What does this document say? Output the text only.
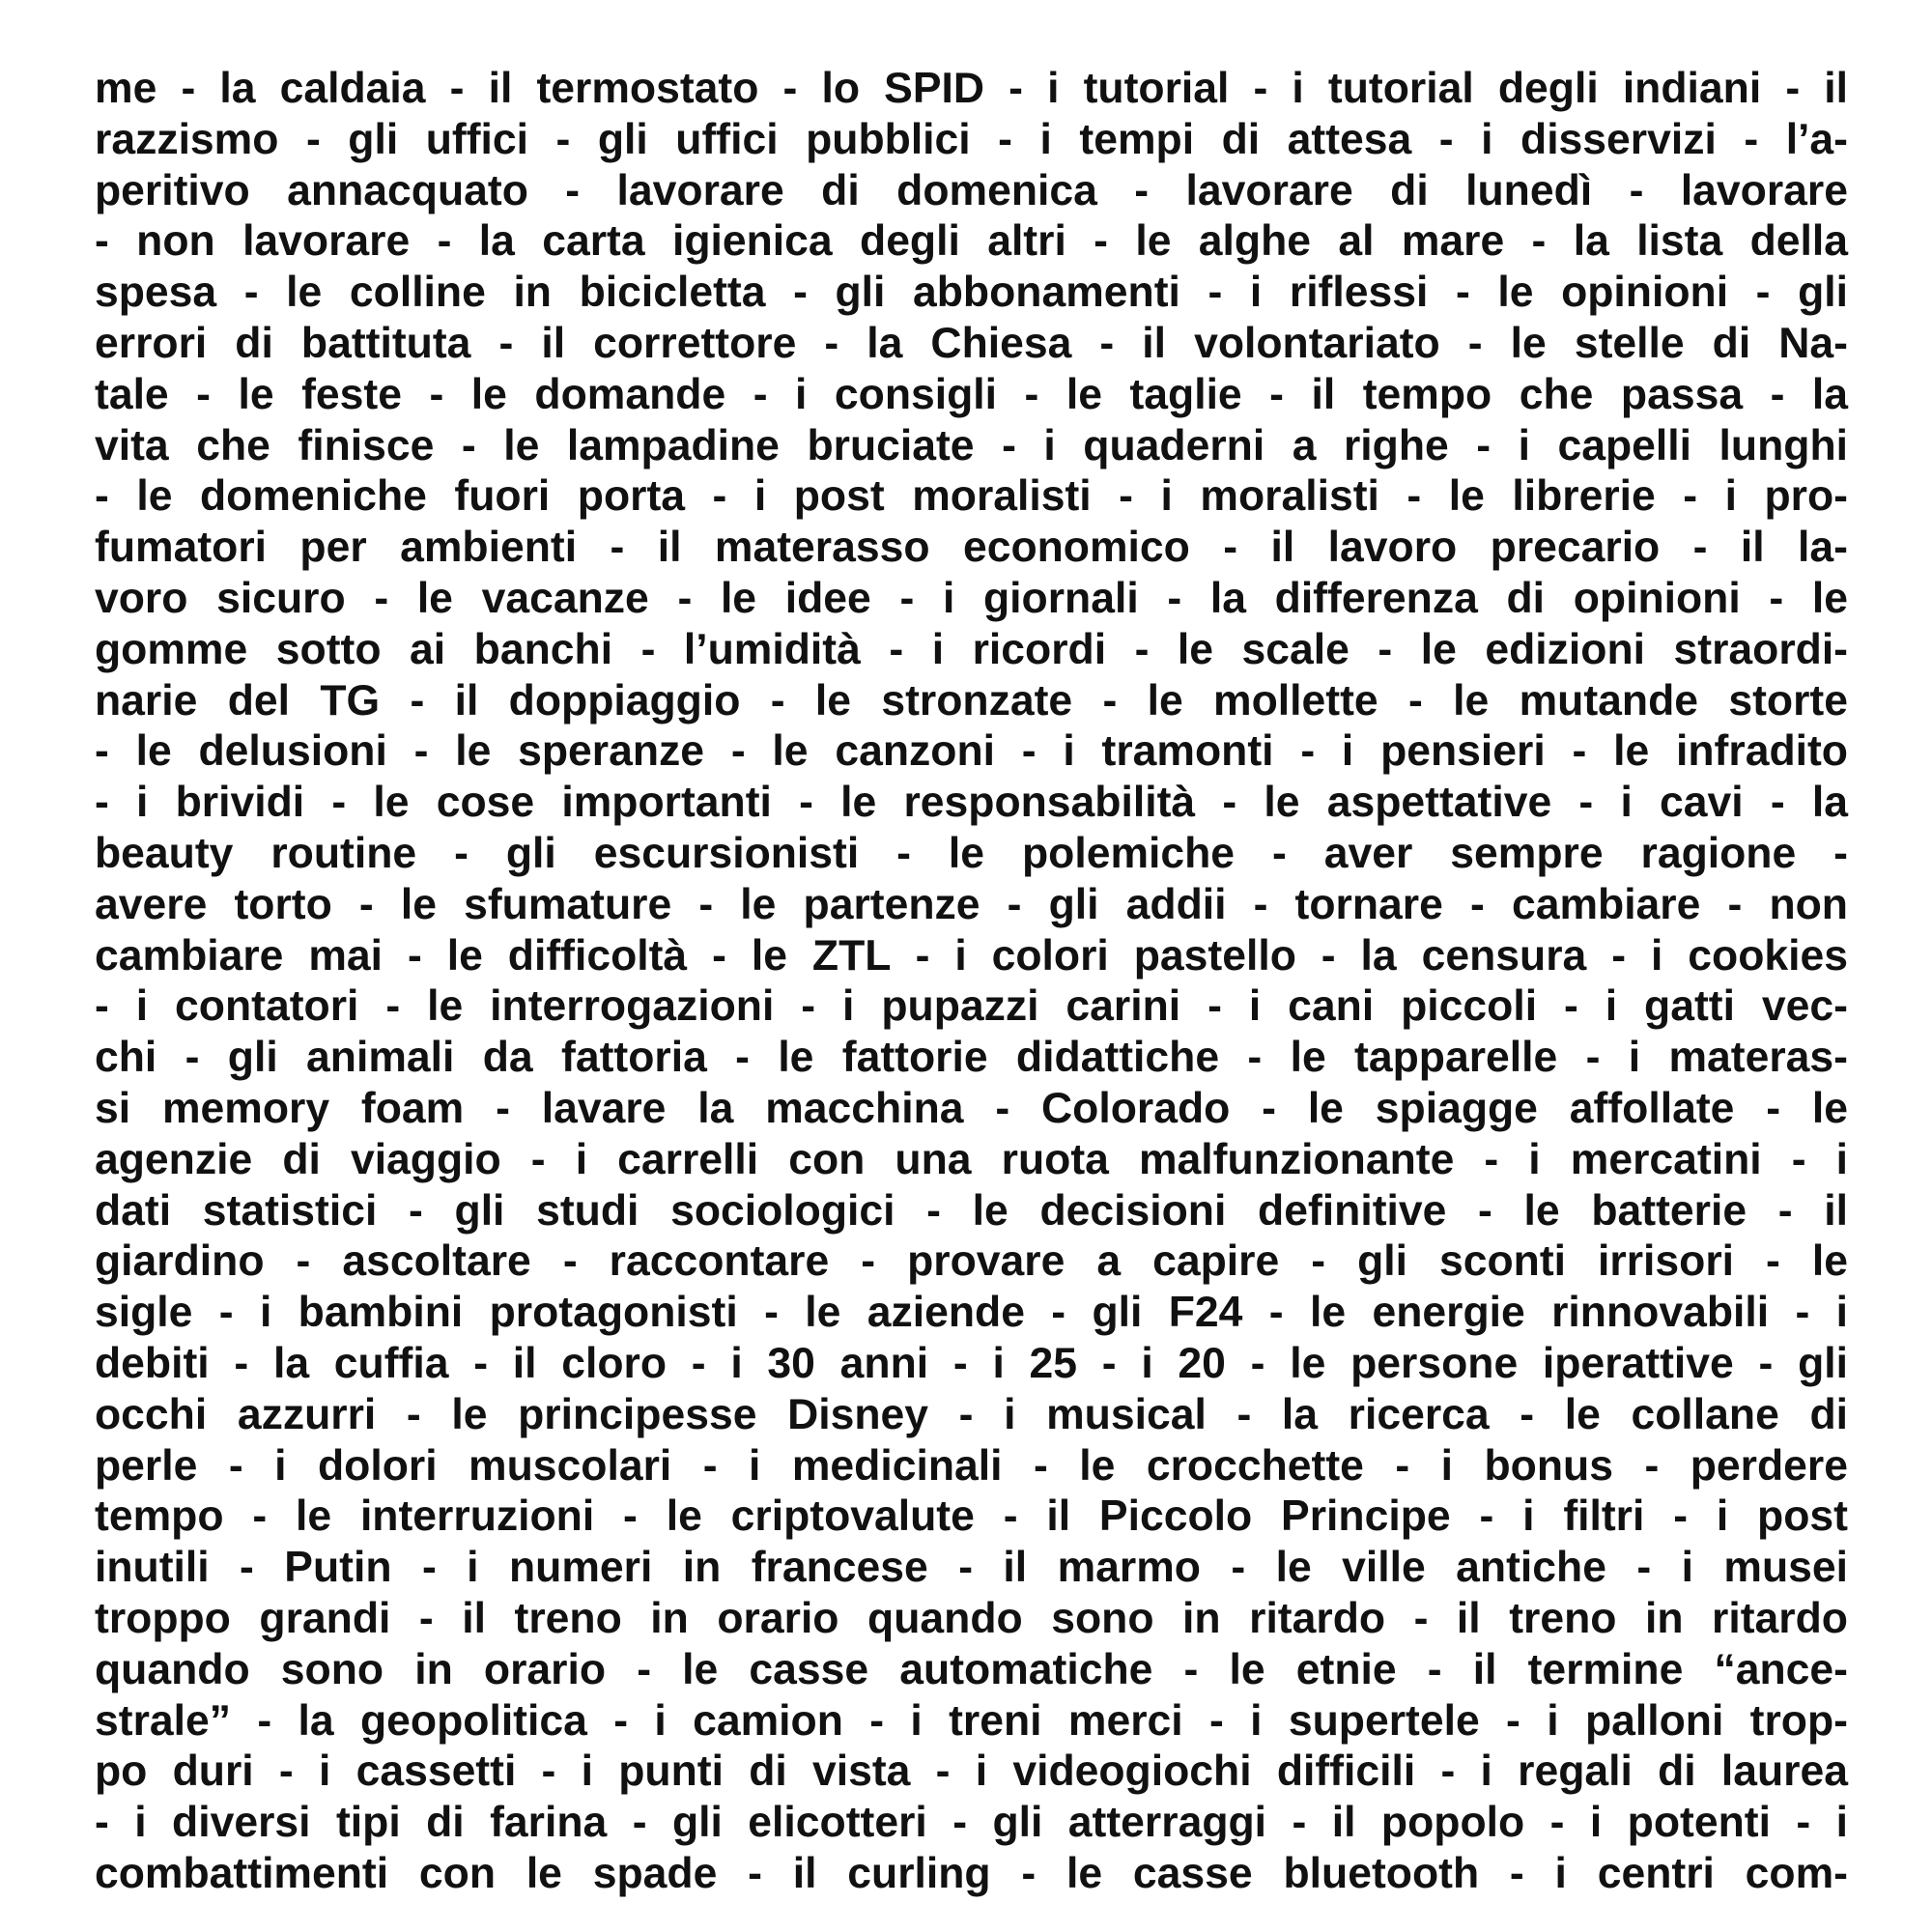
me - la caldaia - il termostato - lo SPID - i tutorial - i tutorial degli indiani - il
razzismo - gli uffici - gli uffici pubblici - i tempi di attesa - i disservizi - l’a-
peritivo annacquato - lavorare di domenica - lavorare di lunedì - lavorare
- non lavorare - la carta igienica degli altri - le alghe al mare - la lista della
spesa - le colline in bicicletta - gli abbonamenti - i riflessi - le opinioni - gli
errori di battituta - il correttore - la Chiesa - il volontariato - le stelle di Na-
tale - le feste - le domande - i consigli - le taglie - il tempo che passa - la
vita che finisce - le lampadine bruciate - i quaderni a righe - i capelli lunghi
- le domeniche fuori porta - i post moralisti - i moralisti - le librerie - i pro-
fumatori per ambienti - il materasso economico - il lavoro precario - il la-
voro sicuro - le vacanze - le idee - i giornali - la differenza di opinioni - le
gomme sotto ai banchi - l’umidità - i ricordi - le scale - le edizioni straordi-
narie del TG - il doppiaggio - le stronzate - le mollette - le mutande storte
- le delusioni - le speranze - le canzoni - i tramonti - i pensieri - le infradito
- i brividi - le cose importanti - le responsabilità - le aspettative - i cavi - la
beauty routine - gli escursionisti - le polemiche - aver sempre ragione -
avere torto - le sfumature - le partenze - gli addii - tornare - cambiare - non
cambiare mai - le difficoltà - le ZTL - i colori pastello - la censura - i cookies
- i contatori - le interrogazioni - i pupazzi carini - i cani piccoli - i gatti vec-
chi - gli animali da fattoria - le fattorie didattiche - le tapparelle - i materas-
si memory foam - lavare la macchina - Colorado - le spiagge affollate - le
agenzie di viaggio - i carrelli con una ruota malfunzionante - i mercatini - i
dati statistici - gli studi sociologici - le decisioni definitive - le batterie - il
giardino - ascoltare - raccontare - provare a capire - gli sconti irrisori - le
sigle - i bambini protagonisti - le aziende - gli F24 - le energie rinnovabili - i
debiti - la cuffia - il cloro - i 30 anni - i 25 - i 20 - le persone iperattive - gli
occhi azzurri - le principesse Disney - i musical - la ricerca - le collane di
perle - i dolori muscolari - i medicinali - le crocchette - i bonus - perdere
tempo - le interruzioni - le criptovalute - il Piccolo Principe - i filtri - i post
inutili - Putin - i numeri in francese - il marmo - le ville antiche - i musei
troppo grandi - il treno in orario quando sono in ritardo - il treno in ritardo
quando sono in orario - le casse automatiche - le etnie - il termine “ance-
strale” - la geopolitica - i camion - i treni merci - i supertele - i palloni trop-
po duri - i cassetti - i punti di vista - i videogiochi difficili - i regali di laurea
- i diversi tipi di farina - gli elicotteri - gli atterraggi - il popolo - i potenti - i
combattimenti con le spade - il curling - le casse bluetooth - i centri com-
